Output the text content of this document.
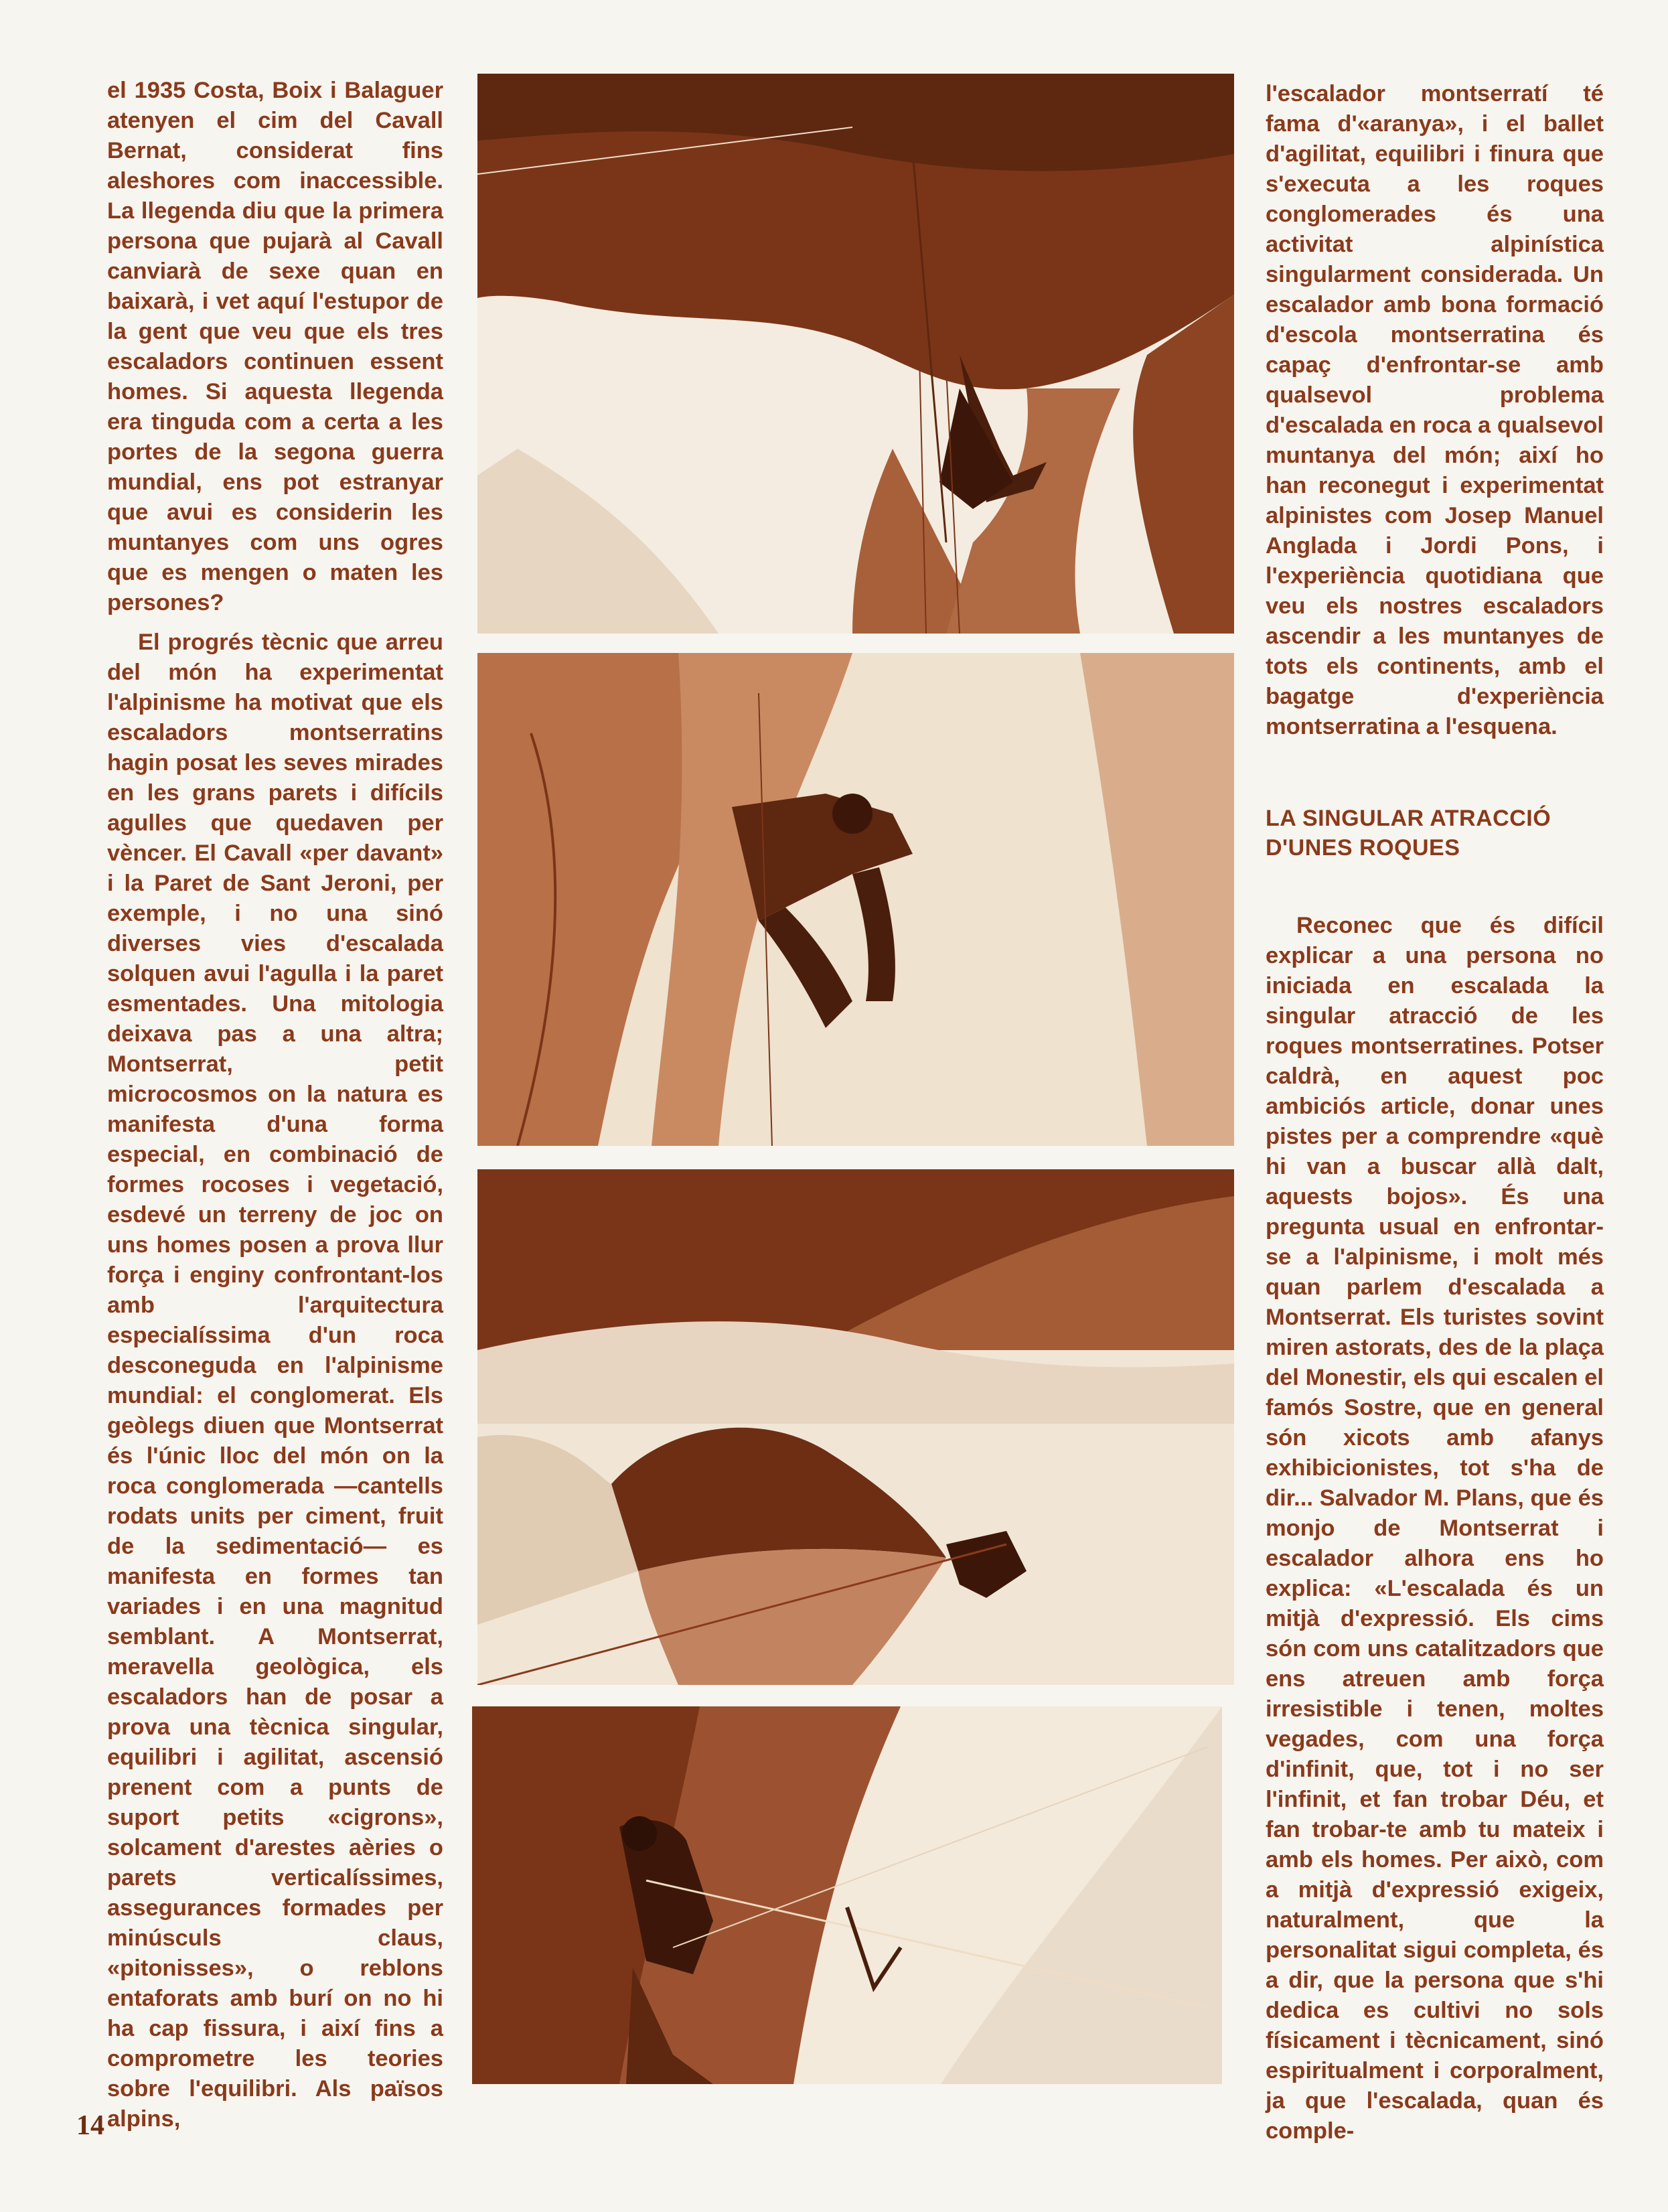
el 1935 Costa, Boix i Balaguer atenyen el cim del Cavall Bernat, considerat fins aleshores com inaccessible. La llegenda diu que la primera persona que pujarà al Cavall canviarà de sexe quan en baixarà, i vet aquí l'estupor de la gent que veu que els tres escaladors continuen essent homes. Si aquesta llegenda era tinguda com a certa a les portes de la segona guerra mundial, ens pot estranyar que avui es considerin les muntanyes com uns ogres que es mengen o maten les persones?

El progrés tècnic que arreu del món ha experimentat l'alpinisme ha motivat que els escaladors montserratins hagin posat les seves mirades en les grans parets i difícils agulles que quedaven per vèncer. El Cavall «per davant» i la Paret de Sant Jeroni, per exemple, i no una sinó diverses vies d'escalada solquen avui l'agulla i la paret esmentades. Una mitologia deixava pas a una altra; Montserrat, petit microcosmos on la natura es manifesta d'una forma especial, en combinació de formes rocoses i vegetació, esdevé un terreny de joc on uns homes posen a prova llur força i enginy confrontant-los amb l'arquitectura especialíssima d'un roca desconeguda en l'alpinisme mundial: el conglomerat. Els geòlegs diuen que Montserrat és l'únic lloc del món on la roca conglomerada —cantells rodats units per ciment, fruit de la sedimentació— es manifesta en formes tan variades i en una magnitud semblant. A Montserrat, meravella geològica, els escaladors han de posar a prova una tècnica singular, equilibri i agilitat, ascensió prenent com a punts de suport petits «cigrons», solcament d'arestes aèries o parets verticalíssimes, assegurances formades per minúsculs claus, «pitonisses», o reblons entaforats amb burí on no hi ha cap fissura, i així fins a comprometre les teories sobre l'equilibri. Als països alpins,

l'escalador montserratí té fama d'«aranya», i el ballet d'agilitat, equilibri i finura que s'executa a les roques conglomerades és una activitat alpinística singularment considerada. Un escalador amb bona formació d'escola montserratina és capaç d'enfrontar-se amb qualsevol problema d'escalada en roca a qualsevol muntanya del món; així ho han reconegut i experimentat alpinistes com Josep Manuel Anglada i Jordi Pons, i l'experiència quotidiana que veu els nostres escaladors ascendir a les muntanyes de tots els continents, amb el bagatge d'experiència montserratina a l'esquena.

LA SINGULAR ATRACCIÓ D'UNES ROQUES

Reconec que és difícil explicar a una persona no iniciada en escalada la singular atracció de les roques montserratines. Potser caldrà, en aquest poc ambiciós article, donar unes pistes per a comprendre «què hi van a buscar allà dalt, aquests bojos». És una pregunta usual en enfrontar-se a l'alpinisme, i molt més quan parlem d'escalada a Montserrat. Els turistes sovint miren astorats, des de la plaça del Monestir, els qui escalen el famós Sostre, que en general són xicots amb afanys exhibicionistes, tot s'ha de dir... Salvador M. Plans, que és monjo de Montserrat i escalador alhora ens ho explica: «L'escalada és un mitjà d'expressió. Els cims són com uns catalitzadors que ens atreuen amb força irresistible i tenen, moltes vegades, com una força d'infinit, que, tot i no ser l'infinit, et fan trobar Déu, et fan trobar-te amb tu mateix i amb els homes. Per això, com a mitjà d'expressió exigeix, naturalment, que la personalitat sigui completa, és a dir, que la persona que s'hi dedica es cultivi no sols físicament i tècnicament, sinó espiritualment i corporalment, ja que l'escalada, quan és comple-

14
